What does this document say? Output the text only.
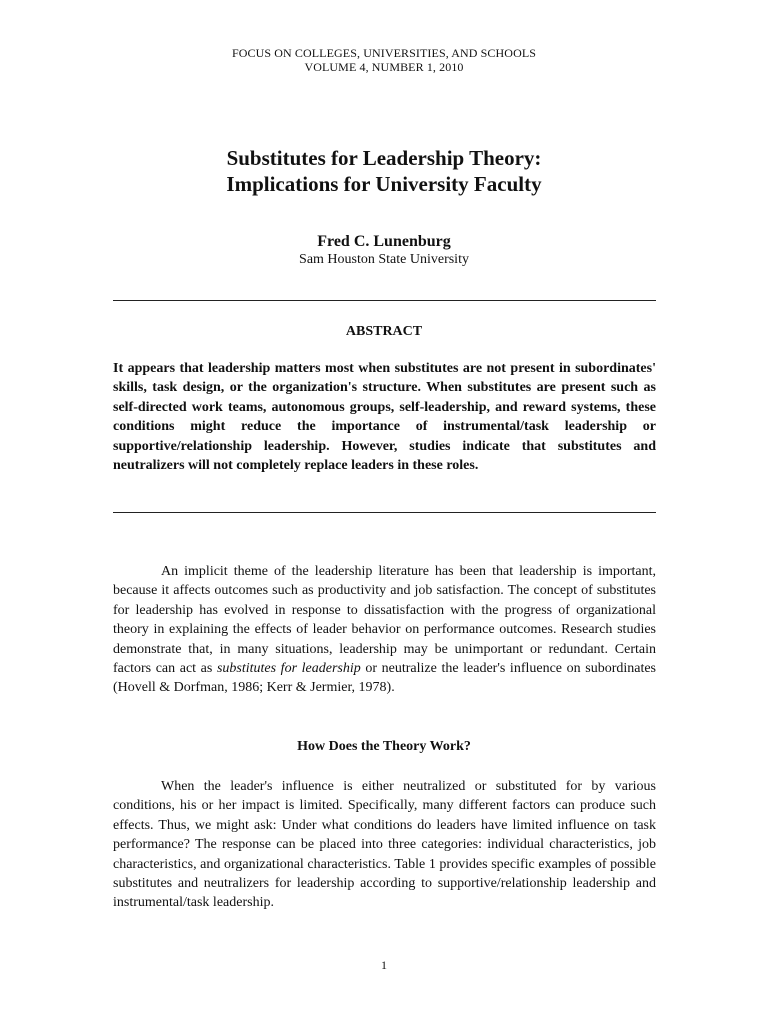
FOCUS ON COLLEGES, UNIVERSITIES, AND SCHOOLS
VOLUME 4, NUMBER 1, 2010
Substitutes for Leadership Theory:
Implications for University Faculty
Fred C. Lunenburg
Sam Houston State University
ABSTRACT

It appears that leadership matters most when substitutes are not present in subordinates' skills, task design, or the organization's structure. When substitutes are present such as self-directed work teams, autonomous groups, self-leadership, and reward systems, these conditions might reduce the importance of instrumental/task leadership or supportive/relationship leadership. However, studies indicate that substitutes and neutralizers will not completely replace leaders in these roles.

An implicit theme of the leadership literature has been that leadership is important, because it affects outcomes such as productivity and job satisfaction. The concept of substitutes for leadership has evolved in response to dissatisfaction with the progress of organizational theory in explaining the effects of leader behavior on performance outcomes. Research studies demonstrate that, in many situations, leadership may be unimportant or redundant. Certain factors can act as substitutes for leadership or neutralize the leader's influence on subordinates (Hovell & Dorfman, 1986; Kerr & Jermier, 1978).

How Does the Theory Work?

When the leader's influence is either neutralized or substituted for by various conditions, his or her impact is limited. Specifically, many different factors can produce such effects. Thus, we might ask: Under what conditions do leaders have limited influence on task performance? The response can be placed into three categories: individual characteristics, job characteristics, and organizational characteristics. Table 1 provides specific examples of possible substitutes and neutralizers for leadership according to supportive/relationship leadership and instrumental/task leadership.

1
